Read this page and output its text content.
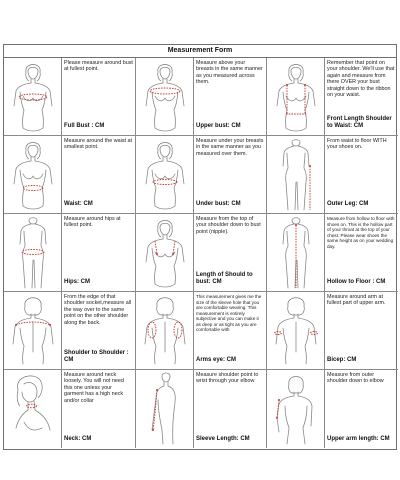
Measurement Form
Please measure around bust at fullest point.
Full Bust : CM
Measure above your breasts in the same manner as you measured across them.
Upper bust: CM
Remember that point on your shoulder. We'll use that again and measure from there OVER your bust straight down to the ribbon on your waist.
Front Length Shoulder to Waist: CM
Measure around the waist at smallest point.
Waist: CM
Measure under your breasts in the same manner as you measured over them.
Under bust: CM
From waist to floor WITH your shoes on.
Outer Leg: CM
Measure around hips at fullest point.
Hips: CM
Measure from the top of your shoulder down to bust point (nipple).
Length of Should to bust: CM
Measure from hollow to floor with shoes on. This is the hollow part of your throat at the top of your chest. Please wear shoes the same height as on your wedding day.
Hollow to Floor : CM
From the edge of that shoulder socket,measure all the way over to the same point on the other shoulder along the back.
Shoulder to Shoulder : CM
This measurement gives me the size of the sleeve hole that you are comfortable wearing. This measurement is entirely subjective and you can make it as deep or as tight as you are comfortable with
Arms eye: CM
Measure around arm at fullest part of upper arm.
Bicep: CM
Measure around neck loosely. You will not need this one unless your garment has a high neck and/or collar
Neck: CM
Measure shoulder point to wrist through your elbow
Sleeve Length: CM
Measure from outer shoulder down to elbow
Upper arm length: CM
